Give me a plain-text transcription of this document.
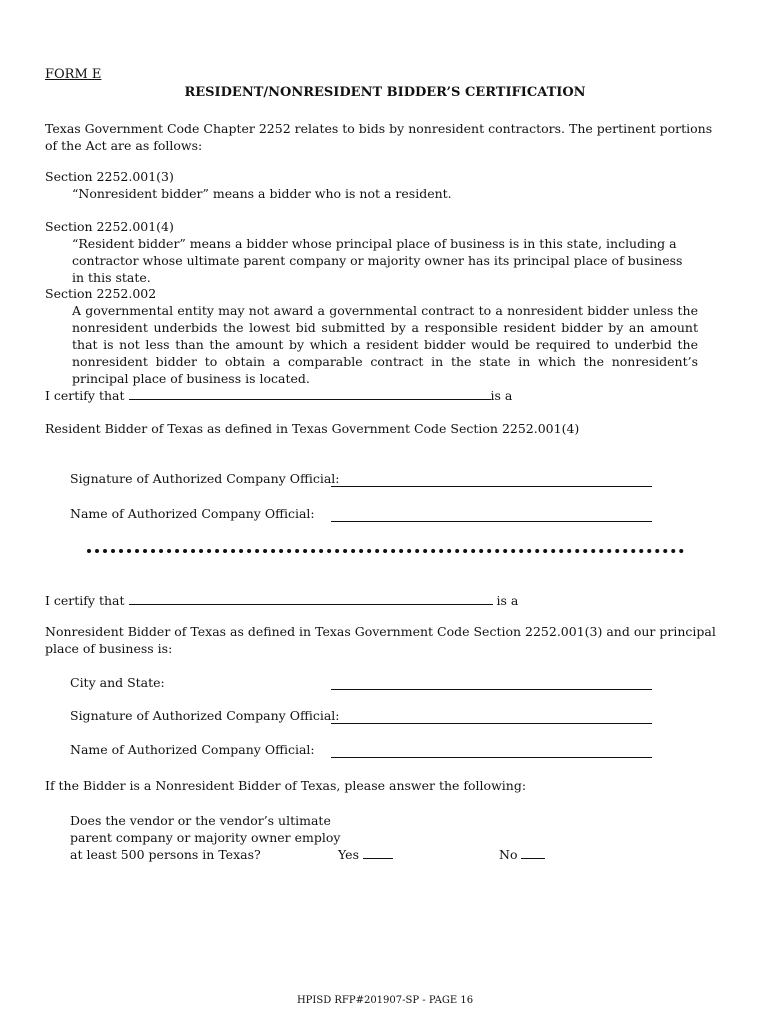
FORM E
RESIDENT/NONRESIDENT BIDDER’S CERTIFICATION
Texas Government Code Chapter 2252 relates to bids by nonresident contractors. The pertinent portions of the Act are as follows:
Section 2252.001(3)
“Nonresident bidder” means a bidder who is not a resident.
Section 2252.001(4)
“Resident bidder” means a bidder whose principal place of business is in this state, including a contractor whose ultimate parent company or majority owner has its principal place of business in this state.
Section 2252.002
A governmental entity may not award a governmental contract to a nonresident bidder unless the nonresident underbids the lowest bid submitted by a responsible resident bidder by an amount that is not less than the amount by which a resident bidder would be required to underbid the nonresident bidder to obtain a comparable contract in the state in which the nonresident’s principal place of business is located.
I certify that	is a
Resident Bidder of Texas as defined in Texas Government Code Section 2252.001(4)
Signature of Authorized Company Official:
Name of Authorized Company Official:
I certify that	is a
Nonresident Bidder of Texas as defined in Texas Government Code Section 2252.001(3) and our principal place of business is:
City and State:
Signature of Authorized Company Official:
Name of Authorized Company Official:
If the Bidder is a Nonresident Bidder of Texas, please answer the following:
Does the vendor or the vendor’s ultimate
parent company or majority owner employ
at least 500 persons in Texas?	Yes	No
HPISD RFP#201907-SP - PAGE 16
